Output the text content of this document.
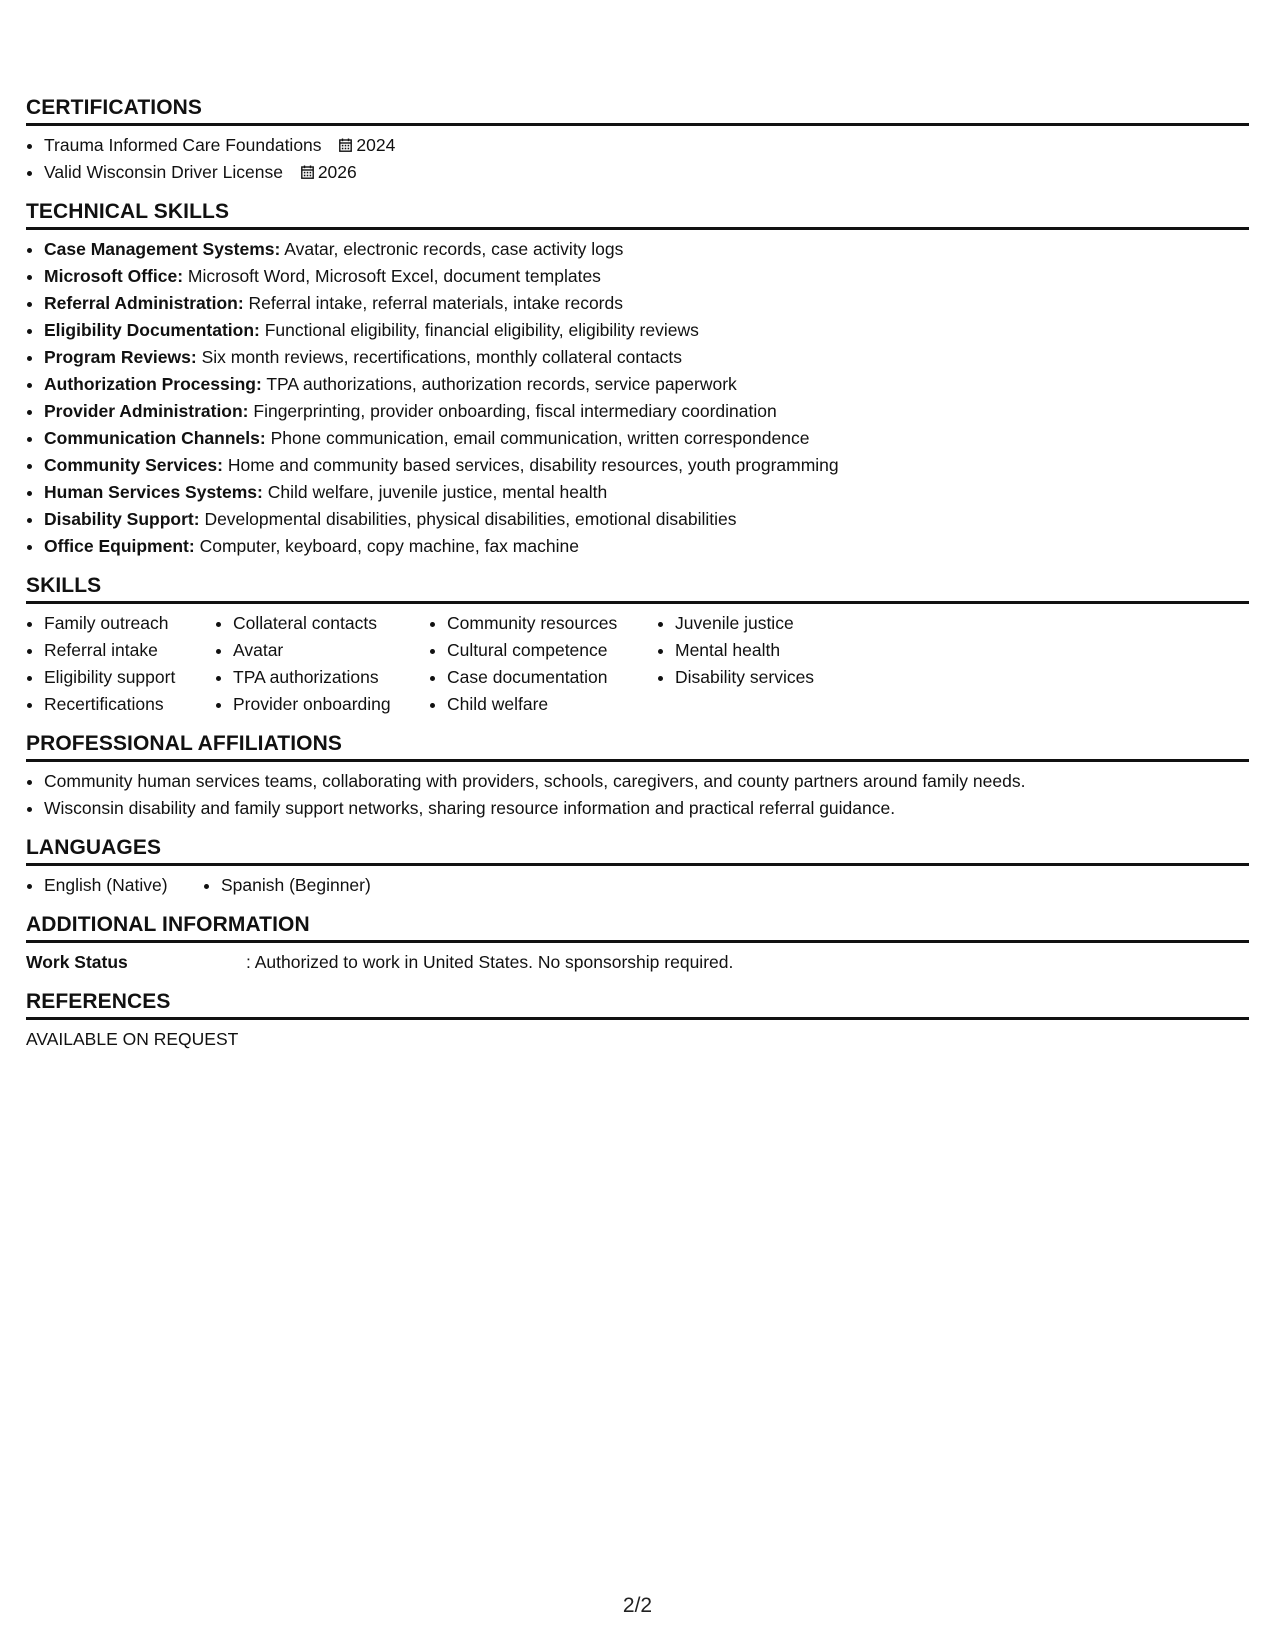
CERTIFICATIONS
• Trauma Informed Care Foundations 2024
• Valid Wisconsin Driver License 2026
TECHNICAL SKILLS
• Case Management Systems: Avatar, electronic records, case activity logs
• Microsoft Office: Microsoft Word, Microsoft Excel, document templates
• Referral Administration: Referral intake, referral materials, intake records
• Eligibility Documentation: Functional eligibility, financial eligibility, eligibility reviews
• Program Reviews: Six month reviews, recertifications, monthly collateral contacts
• Authorization Processing: TPA authorizations, authorization records, service paperwork
• Provider Administration: Fingerprinting, provider onboarding, fiscal intermediary coordination
• Communication Channels: Phone communication, email communication, written correspondence
• Community Services: Home and community based services, disability resources, youth programming
• Human Services Systems: Child welfare, juvenile justice, mental health
• Disability Support: Developmental disabilities, physical disabilities, emotional disabilities
• Office Equipment: Computer, keyboard, copy machine, fax machine
SKILLS
• Family outreach
• Referral intake
• Eligibility support
• Recertifications
• Collateral contacts
• Avatar
• TPA authorizations
• Provider onboarding
• Community resources
• Cultural competence
• Case documentation
• Child welfare
• Juvenile justice
• Mental health
• Disability services
PROFESSIONAL AFFILIATIONS
• Community human services teams, collaborating with providers, schools, caregivers, and county partners around family needs.
• Wisconsin disability and family support networks, sharing resource information and practical referral guidance.
LANGUAGES
• English (Native)
•	Spanish (Beginner)
ADDITIONAL INFORMATION
Work Status	: Authorized to work in United States. No sponsorship required.
REFERENCES
AVAILABLE ON REQUEST
2/2
